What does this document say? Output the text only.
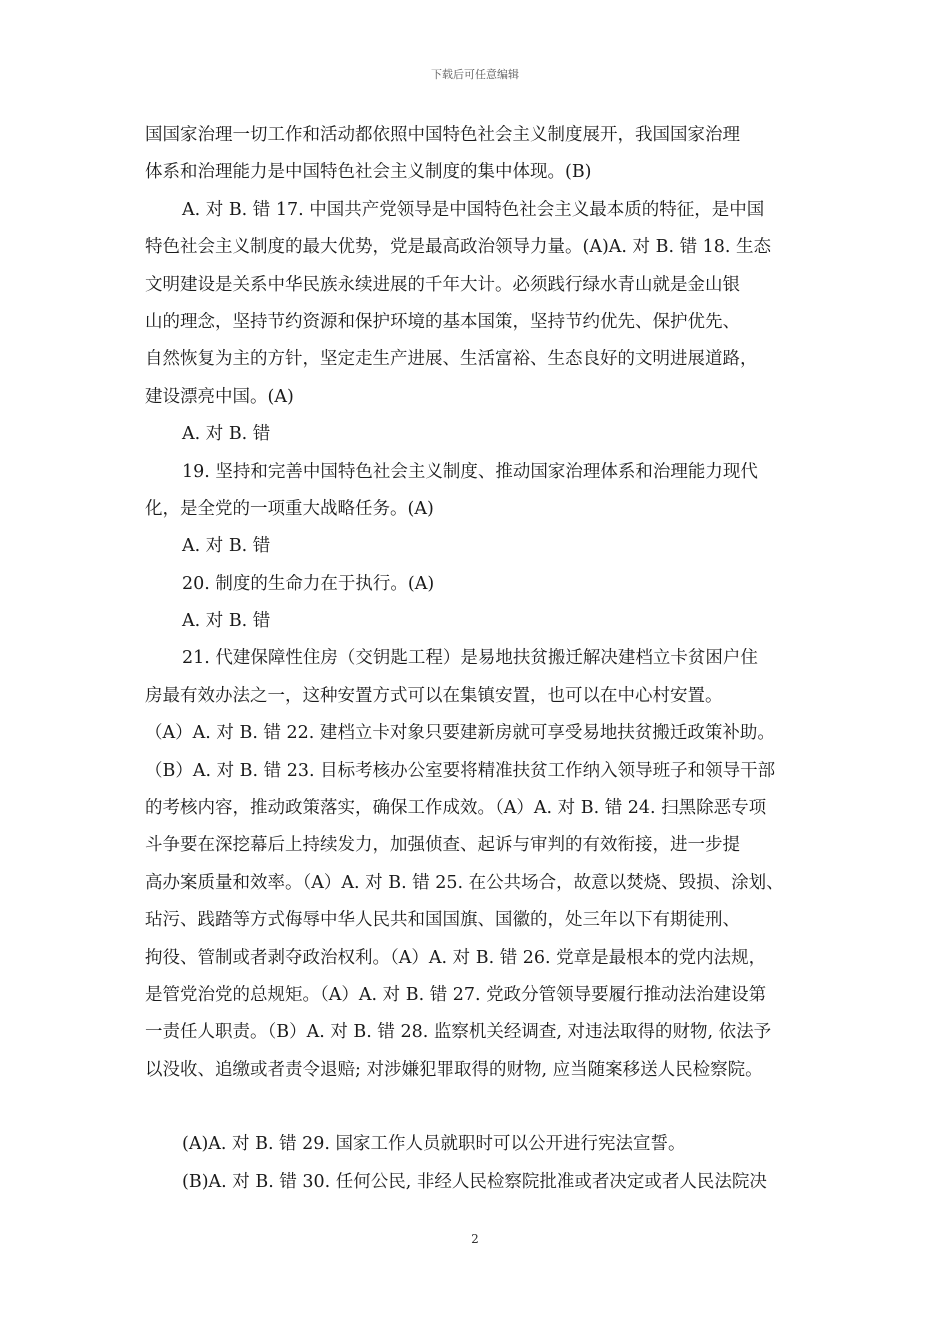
下载后可任意编辑
国国家治理一切工作和活动都依照中国特色社会主义制度展开，我国国家治理
体系和治理能力是中国特色社会主义制度的集中体现。(B)
A. 对 B. 错 17. 中国共产党领导是中国特色社会主义最本质的特征，是中国
特色社会主义制度的最大优势，党是最高政治领导力量。(A)A. 对 B. 错 18. 生态
文明建设是关系中华民族永续进展的千年大计。必须践行绿水青山就是金山银
山的理念，坚持节约资源和保护环境的基本国策，坚持节约优先、保护优先、
自然恢复为主的方针，坚定走生产进展、生活富裕、生态良好的文明进展道路，
建设漂亮中国。(A)
A. 对 B. 错
19. 坚持和完善中国特色社会主义制度、推动国家治理体系和治理能力现代
化，是全党的一项重大战略任务。(A)
A. 对 B. 错
20. 制度的生命力在于执行。(A)
A. 对 B. 错
21. 代建保障性住房（交钥匙工程）是易地扶贫搬迁解决建档立卡贫困户住
房最有效办法之一，这种安置方式可以在集镇安置，也可以在中心村安置。
（A）A. 对 B. 错 22. 建档立卡对象只要建新房就可享受易地扶贫搬迁政策补助。
（B）A. 对 B. 错 23. 目标考核办公室要将精准扶贫工作纳入领导班子和领导干部
的考核内容，推动政策落实，确保工作成效。（A）A. 对 B. 错 24. 扫黑除恶专项
斗争要在深挖幕后上持续发力，加强侦查、起诉与审判的有效衔接，进一步提
高办案质量和效率。（A）A. 对 B. 错 25. 在公共场合，故意以焚烧、毁损、涂划、
玷污、践踏等方式侮辱中华人民共和国国旗、国徽的，处三年以下有期徒刑、
拘役、管制或者剥夺政治权利。（A）A. 对 B. 错 26. 党章是最根本的党内法规，
是管党治党的总规矩。（A）A. 对 B. 错 27. 党政分管领导要履行推动法治建设第
一责任人职责。（B）A. 对 B. 错 28. 监察机关经调查, 对违法取得的财物, 依法予
以没收、追缴或者责令退赔; 对涉嫌犯罪取得的财物, 应当随案移送人民检察院。
(A)A. 对 B. 错 29. 国家工作人员就职时可以公开进行宪法宣誓。
(B)A. 对 B. 错 30. 任何公民, 非经人民检察院批准或者决定或者人民法院决
2
